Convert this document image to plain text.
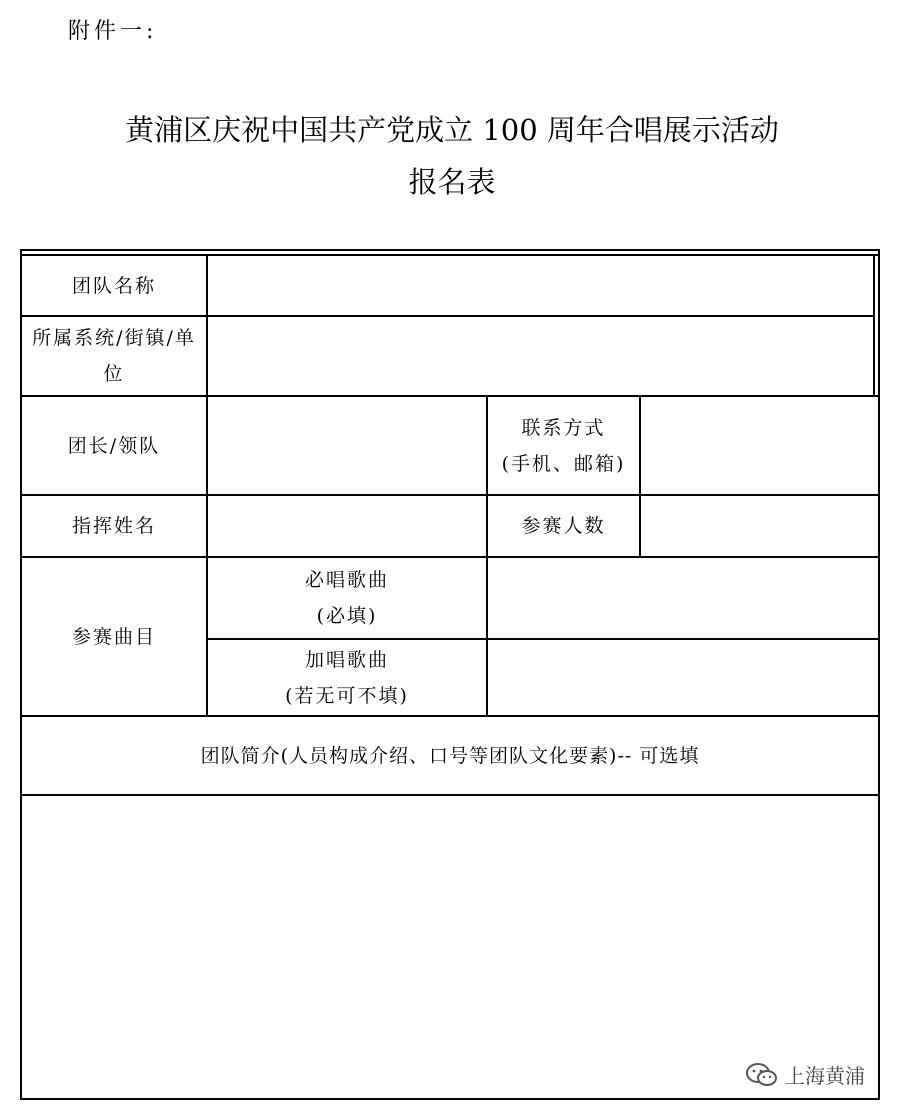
附件一:
黄浦区庆祝中国共产党成立 100 周年合唱展示活动
报名表
团队名称
所属系统/街镇/单
位
团长/领队
联系方式
(手机、邮箱)
指挥姓名	参赛人数
参赛曲目
必唱歌曲
(必填)
加唱歌曲
(若无可不填)
团队简介(人员构成介绍、口号等团队文化要素)-- 可选填
上海黄浦
